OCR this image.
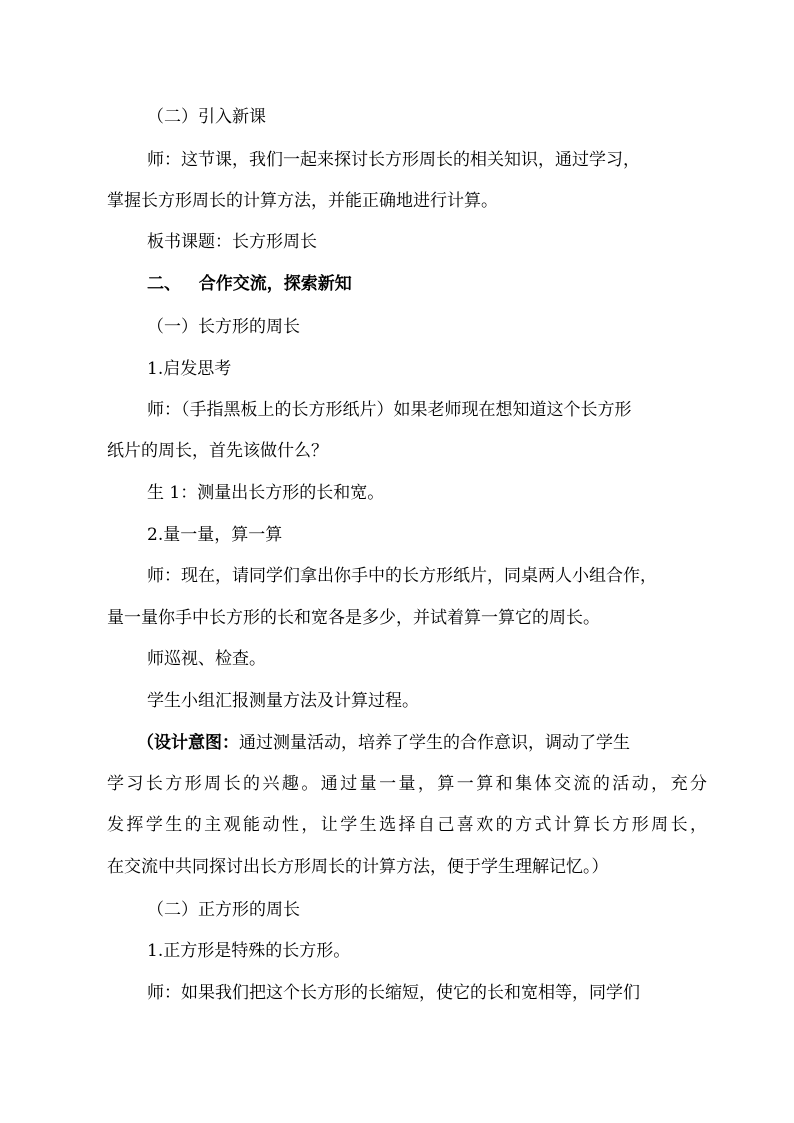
（二）引入新课
师：这节课，我们一起来探讨长方形周长的相关知识，通过学习，
掌握长方形周长的计算方法，并能正确地进行计算。
板书课题：长方形周长
二、   合作交流，探索新知
（一）长方形的周长
1.启发思考
师：（手指黑板上的长方形纸片）如果老师现在想知道这个长方形
纸片的周长，首先该做什么？
生 1：测量出长方形的长和宽。
2.量一量，算一算
师：现在，请同学们拿出你手中的长方形纸片，同桌两人小组合作，
量一量你手中长方形的长和宽各是多少，并试着算一算它的周长。
师巡视、检查。
学生小组汇报测量方法及计算过程。
（设计意图：通过测量活动，培养了学生的合作意识，调动了学生
学习长方形周长的兴趣。通过量一量，算一算和集体交流的活动，充分
发挥学生的主观能动性，让学生选择自己喜欢的方式计算长方形周长，
在交流中共同探讨出长方形周长的计算方法，便于学生理解记忆。）
（二）正方形的周长
1.正方形是特殊的长方形。
师：如果我们把这个长方形的长缩短，使它的长和宽相等，同学们
